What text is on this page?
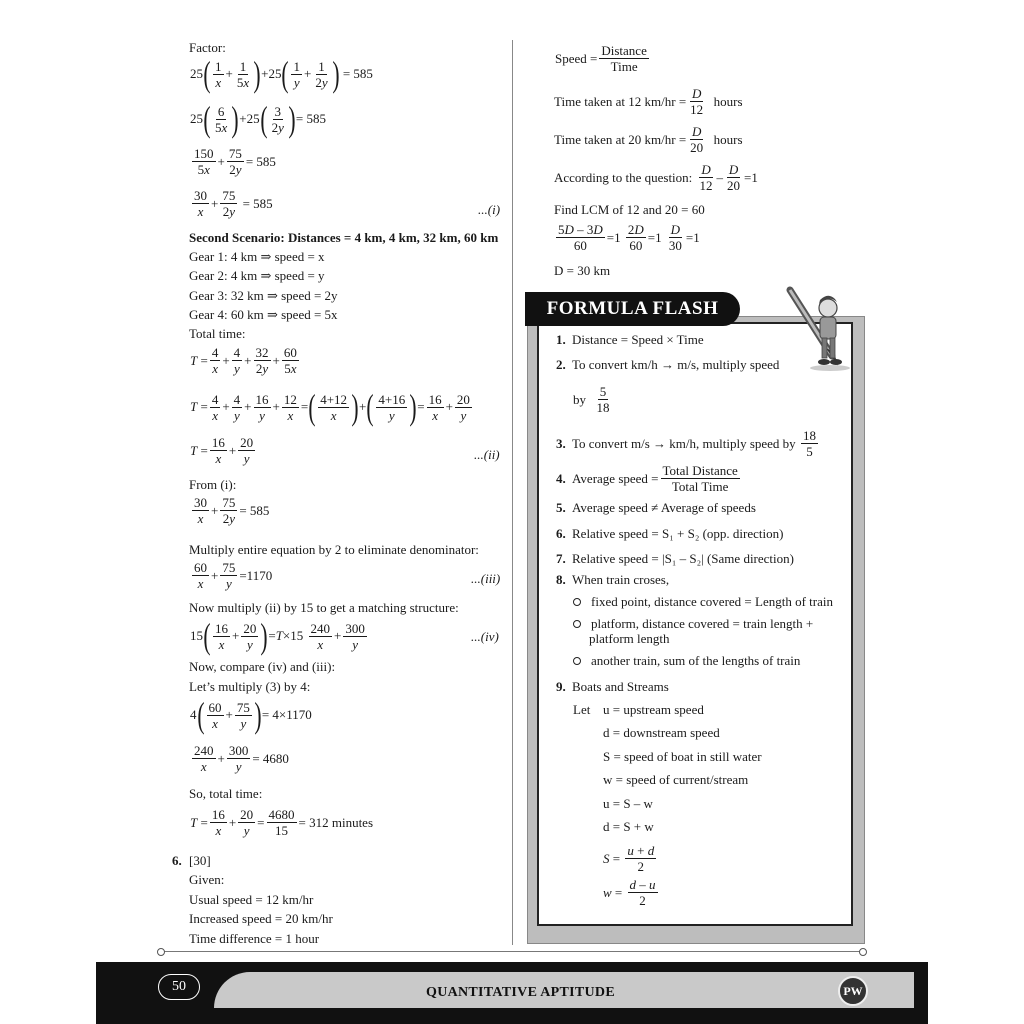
Factor:
25 ( $\frac{1}{x} + \frac{1}{5x}$ ) +25 ( $\frac{1}{y} + \frac{1}{2y}$ ) = 585
25 ( $\frac{6}{5x}$ ) +25 ( $\frac{3}{2y}$ ) = 585
$\frac{150}{5x} + \frac{75}{2y} = 585$
$\frac{30}{x} + \frac{75}{2y} = 585$	...(i)
Second Scenario: Distances = 4 km, 4 km, 32 km, 60 km
Gear 1: 4 km ⇒ speed = x
Gear 2: 4 km ⇒ speed = y
Gear 3: 32 km ⇒ speed = 2y
Gear 4: 60 km ⇒ speed = 5x
Total time:
$T = \frac{4}{x} + \frac{4}{y} + \frac{32}{2y} + \frac{60}{5x}$
$T = \frac{4}{x} + \frac{4}{y} + \frac{16}{y} + \frac{12}{x}$ = ( $\frac{4+12}{x}$ ) + ( $\frac{4+16}{y}$ ) = $\frac{16}{x} + \frac{20}{y}$
$T = \frac{16}{x} + \frac{20}{y}$	...(ii)
From (i):
$\frac{30}{x} + \frac{75}{2y} = 585$
Multiply entire equation by 2 to eliminate denominator:
$\frac{60}{x} + \frac{75}{y} =1170$	...(iii)
Now multiply (ii) by 15 to get a matching structure:
15 ( $\frac{16}{x} + \frac{20}{y}$ ) = $T \times 15 \frac{240}{x} + \frac{300}{y}$	...(iv)
Now, compare (iv) and (iii):
Let’s multiply (3) by 4:
4 ( $\frac{60}{x} + \frac{75}{y}$ ) = 4×1170
$\frac{240}{x} + \frac{300}{y} = 4680$
So, total time:
$T = \frac{16}{x} + \frac{20}{y} = \frac{4680}{15} = 312$ minutes
6. [30]
Given:
Usual speed = 12 km/hr
Increased speed = 20 km/hr
Time difference = 1 hour
Speed = $\frac{\text{Distance}}{\text{Time}}$
Time taken at 12 $km/hr = \frac{D}{12}$
hours
Time taken at 20 $km/hr = \frac{D}{20}$
hours
According to the question:
$\frac{D}{12} - \frac{D}{20} =1$
Find LCM of 12 and 20 = 60
$\frac{5D - 3D}{60} =1 \frac{2D}{60} =1 \frac{D}{30} =1$
D = 30 km
FORMULA FLASH
1. Distance = Speed × Time
2. To convert km/h → m/s, multiply speed
by
$\frac{5}{18}$
3. To convert m/s → km/h, multiply speed by
$\frac{18}{5}$
4. Average speed = $\frac{\text{Total Distance}}{\text{Total Time}}$
5. Average speed ≠ Average of speeds
6. Relative speed = S₁ + S₂ (opp. direction)
7. Relative speed = |S₁ – S₂| (Same direction)
8. When train croses,
fixed point, distance covered = Length of train
platform, distance covered = train length +
platform length
another train, sum of the lengths of train
9. Boats and Streams
Let u = upstream speed
d = downstream speed
S = speed of boat in still water
w = speed of current/stream
u = S – w
d = S + w
$S = \frac{u + d}{2}$
$w = \frac{d - u}{2}$
50	QUANTITATIVE APTITUDE	PW
